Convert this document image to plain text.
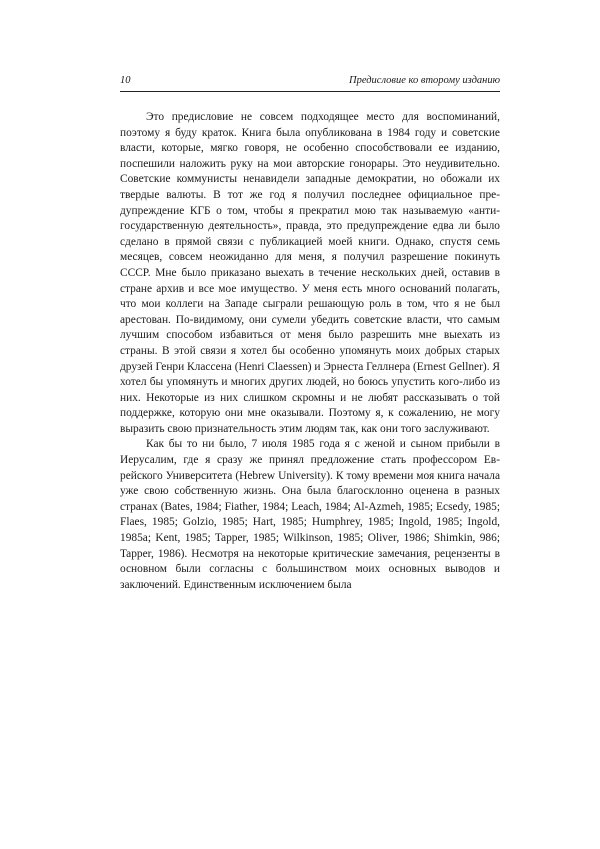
10	Предисловие ко второму изданию

Это предисловие не совсем подходящее место для воспоминаний, поэтому я буду краток. Книга была опубликована в 1984 году и советские власти, которые, мягко говоря, не особенно способствовали ее изданию, поспешили наложить руку на мои авторские гонорары. Это неудивительно. Советские коммунисты ненавидели западные демократии, но обожали их твердые валюты. В тот же год я получил последнее официальное предупреждение КГБ о том, чтобы я прекратил мою так называемую «антигосударственную деятельность», правда, это предупреждение едва ли было сделано в прямой связи с публикацией моей книги. Однако, спустя семь месяцев, совсем неожиданно для меня, я получил разрешение покинуть СССР. Мне было приказано выехать в течение нескольких дней, оставив в стране архив и все мое имущество. У меня есть много оснований полагать, что мои коллеги на Западе сыграли решающую роль в том, что я не был арестован. По-видимому, они сумели убедить советские власти, что самым лучшим способом избавиться от меня было разрешить мне выехать из страны. В этой связи я хотел бы особенно упомянуть моих добрых старых друзей Генри Классена (Henri Claessen) и Эрнеста Геллнера (Ernest Gellner). Я хотел бы упомянуть и многих других людей, но боюсь упустить кого-либо из них. Некоторые из них слишком скромны и не любят рассказывать о той поддержке, которую они мне оказывали. Поэтому я, к сожалению, не могу выразить свою признательность этим людям так, как они того заслуживают.

Как бы то ни было, 7 июля 1985 года я с женой и сыном прибыли в Иерусалим, где я сразу же принял предложение стать профессором Еврейского Университета (Hebrew University). К тому времени моя книга начала уже свою собственную жизнь. Она была благосклонно оценена в разных странах (Bates, 1984; Fiather, 1984; Leach, 1984; Al-Azmeh, 1985; Ecsedy, 1985; Flaes, 1985; Golzio, 1985; Hart, 1985; Humphrey, 1985; Ingold, 1985; Ingold, 1985a; Kent, 1985; Tapper, 1985; Wilkinson, 1985; Oliver, 1986; Shimkin, 986; Tapper, 1986). Несмотря на некоторые критические замечания, рецензенты в основном были согласны с большинством моих основных выводов и заключений. Единственным исключением была
